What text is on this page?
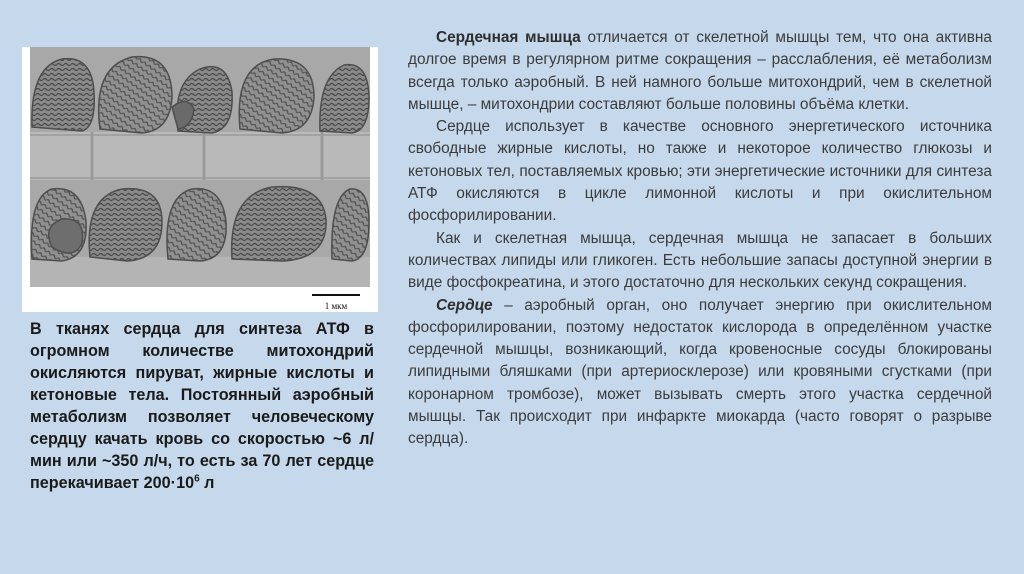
1 мкм
В тканях сердца для синтеза АТФ в огромном количестве митохондрий окисляются пируват, жирные кислоты и кетоновые тела. Постоянный аэробный метаболизм позволяет человеческому сердцу качать кровь со скоростью ~6 л/мин или ~350 л/ч, то есть за 70 лет сердце перекачивает $200\cdot 10^6$ л

Сердечная мышца отличается от скелетной мышцы тем, что она активна долгое время в регулярном ритме сокращения – расслабления, её метаболизм всегда только аэробный. В ней намного больше митохондрий, чем в скелетной мышце, – митохондрии составляют больше половины объёма клетки.

Сердце использует в качестве основного энергетического источника свободные жирные кислоты, но также и некоторое количество глюкозы и кетоновых тел, поставляемых кровью; эти энергетические источники для синтеза АТФ окисляются в цикле лимонной кислоты и при окислительном фосфорилировании.

Как и скелетная мышца, сердечная мышца не запасает в больших количествах липиды или гликоген. Есть небольшие запасы доступной энергии в виде фосфокреатина, и этого достаточно для нескольких секунд сокращения.

Сердце – аэробный орган, оно получает энергию при окислительном фосфорилировании, поэтому недостаток кислорода в определённом участке сердечной мышцы, возникающий, когда кровеносные сосуды блокированы липидными бляшками (при артериосклерозе) или кровяными сгустками (при коронарном тромбозе), может вызывать смерть этого участка сердечной мышцы. Так происходит при инфаркте миокарда (часто говорят о разрыве сердца).
